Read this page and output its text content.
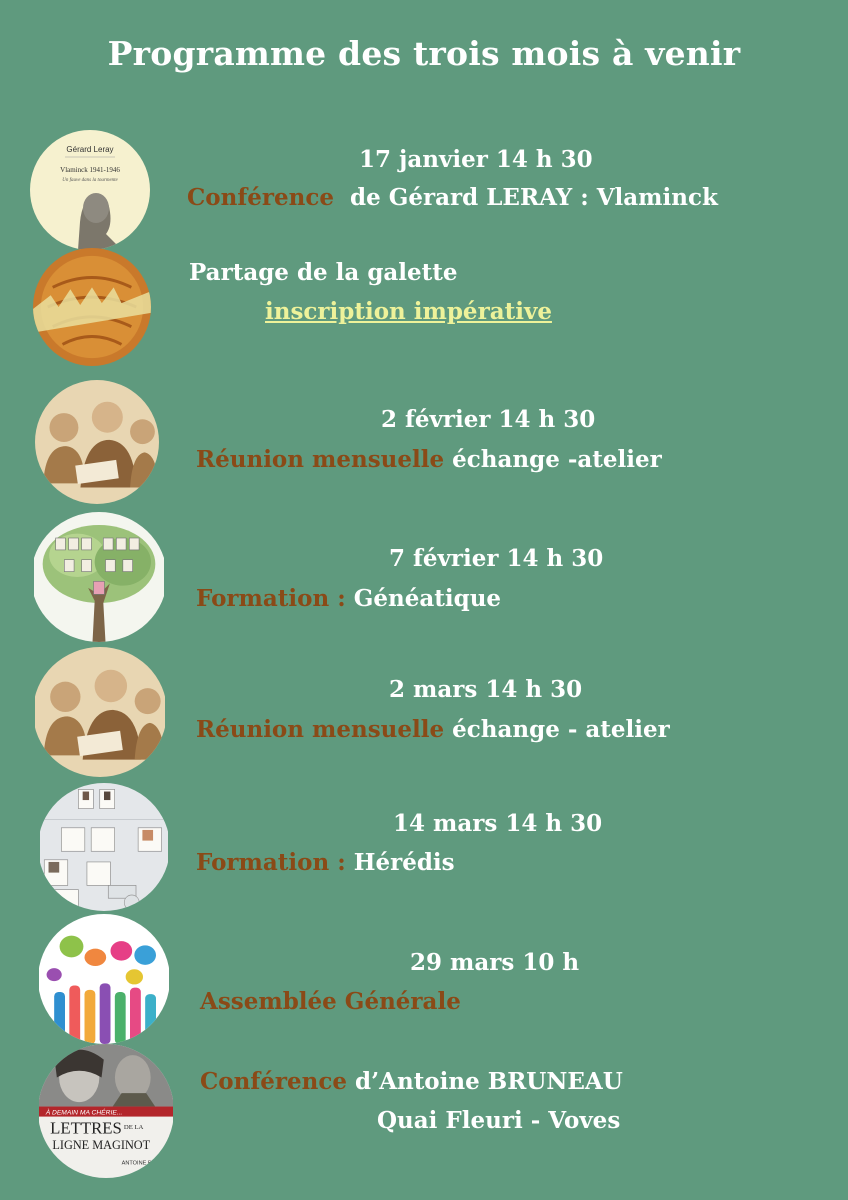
Programme des trois mois à venir
Gérard Leray
Vlaminck 1941-1946
Un fauve dans la tourmente
17 janvier 14 h 30
Conférence de Gérard LERAY : Vlaminck
Partage de la galette
inscription impérative
2 février 14 h 30
Réunion mensuelle échange -atelier
7 février 14 h 30
Formation : Généatique
2 mars 14 h 30
Réunion mensuelle échange - atelier
14 mars 14 h 30
Formation : Hérédis
29 mars 10 h
Assemblée Générale
À DEMAIN MA CHÉRIE...
LETTRES DE LA
LIGNE MAGINOT
ANTOINE BRU
Conférence d’Antoine BRUNEAU
Quai Fleuri - Voves
